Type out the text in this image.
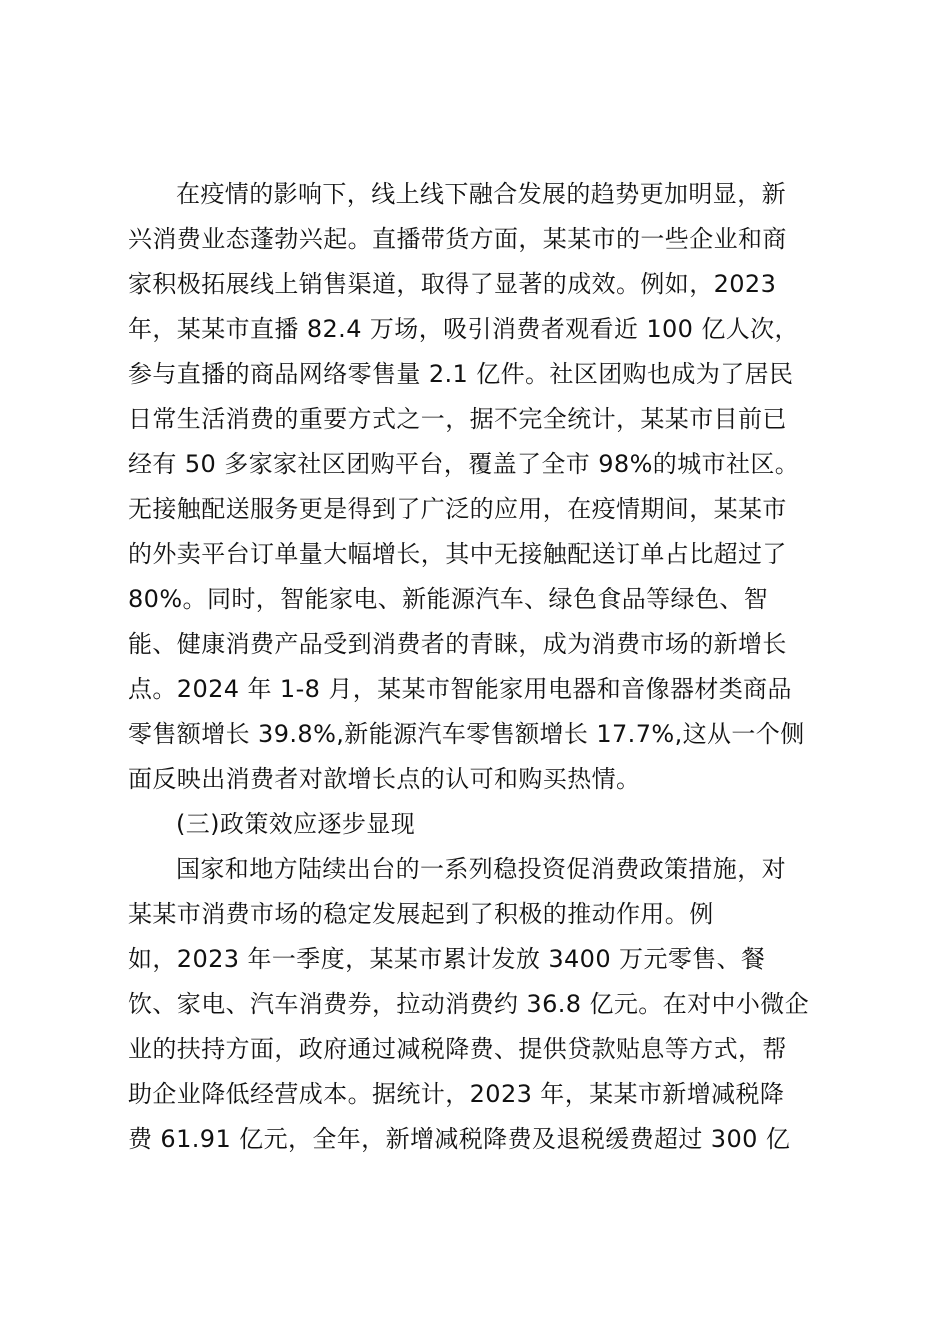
在疫情的影响下，线上线下融合发展的趋势更加明显，新
兴消费业态蓬勃兴起。直播带货方面，某某市的一些企业和商
家积极拓展线上销售渠道，取得了显著的成效。例如，2023
年，某某市直播 82.4 万场，吸引消费者观看近 100 亿人次，
参与直播的商品网络零售量 2.1 亿件。社区团购也成为了居民
日常生活消费的重要方式之一，据不完全统计，某某市目前已
经有 50 多家家社区团购平台，覆盖了全市 98%的城市社区。
无接触配送服务更是得到了广泛的应用，在疫情期间，某某市
的外卖平台订单量大幅增长，其中无接触配送订单占比超过了
80%。同时，智能家电、新能源汽车、绿色食品等绿色、智
能、健康消费产品受到消费者的青睐，成为消费市场的新增长
点。2024 年 1-8 月，某某市智能家用电器和音像器材类商品
零售额增长 39.8%,新能源汽车零售额增长 17.7%,这从一个侧
面反映出消费者对歆增长点的认可和购买热情。
(三)政策效应逐步显现
国家和地方陆续出台的一系列稳投资促消费政策措施，对
某某市消费市场的稳定发展起到了积极的推动作用。例
如，2023 年一季度，某某市累计发放 3400 万元零售、餐
饮、家电、汽车消费券，拉动消费约 36.8 亿元。在对中小微企
业的扶持方面，政府通过减税降费、提供贷款贴息等方式，帮
助企业降低经营成本。据统计，2023 年，某某市新增减税降
费 61.91 亿元，全年，新增减税降费及退税缓费超过 300 亿
